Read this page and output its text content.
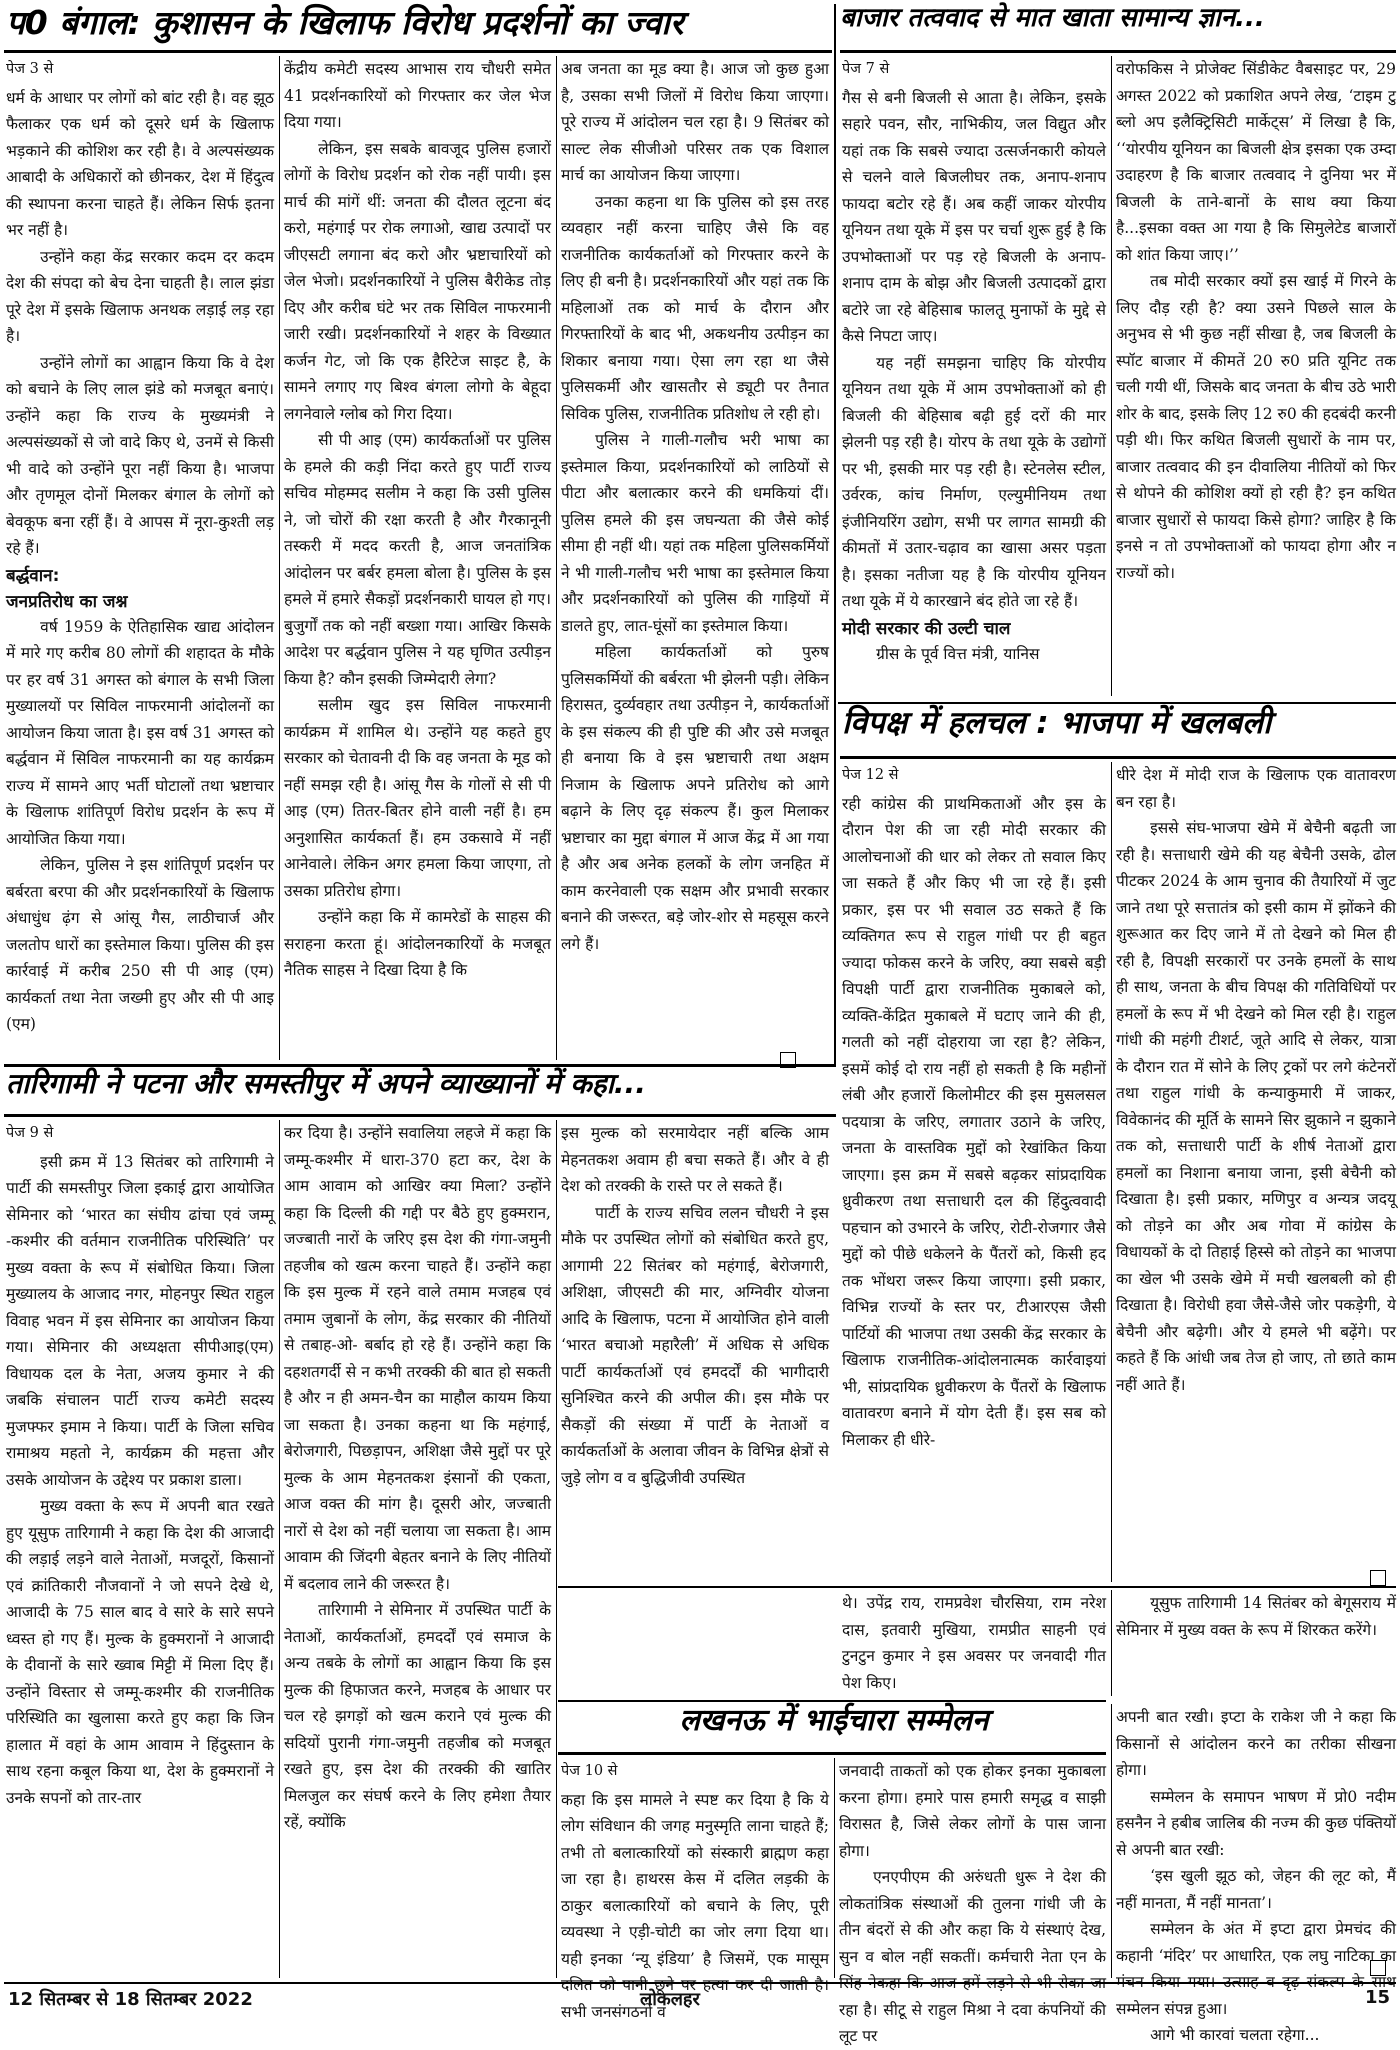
प0 बंगाल: कुशासन के खिलाफ विरोध प्रदर्शनों का ज्वार
पेज 3 से

धर्म के आधार पर लोगों को बांट रही है। वह झूठ फैलाकर एक धर्म को दूसरे धर्म के खिलाफ भड़काने की कोशिश कर रही है। वे अल्पसंख्यक आबादी के अधिकारों को छीनकर, देश में हिंदुत्व की स्थापना करना चाहते हैं। लेकिन सिर्फ इतना भर नहीं है।

उन्होंने कहा केंद्र सरकार कदम दर कदम देश की संपदा को बेच देना चाहती है। लाल झंडा पूरे देश में इसके खिलाफ अनथक लड़ाई लड़ रहा है।

उन्होंने लोगों का आह्वान किया कि वे देश को बचाने के लिए लाल झंडे को मजबूत बनाएं। उन्होंने कहा कि राज्य के मुख्यमंत्री ने अल्पसंख्यकों से जो वादे किए थे, उनमें से किसी भी वादे को उन्होंने पूरा नहीं किया है। भाजपा और तृणमूल दोनों मिलकर बंगाल के लोगों को बेवकूफ बना रहीं हैं। वे आपस में नूरा-कुश्ती लड़ रहे हैं।

बर्द्धवान:
जनप्रतिरोध का जश्न

वर्ष 1959 के ऐतिहासिक खाद्य आंदोलन में मारे गए करीब 80 लोगों की शहादत के मौके पर हर वर्ष 31 अगस्त को बंगाल के सभी जिला मुख्यालयों पर सिविल नाफरमानी आंदोलनों का आयोजन किया जाता है। इस वर्ष 31 अगस्त को बर्द्धवान में सिविल नाफरमानी का यह कार्यक्रम राज्य में सामने आए भर्ती घोटालों तथा भ्रष्टाचार के खिलाफ शांतिपूर्ण विरोध प्रदर्शन के रूप में आयोजित किया गया।

लेकिन, पुलिस ने इस शांतिपूर्ण प्रदर्शन पर बर्बरता बरपा की और प्रदर्शनकारियों के खिलाफ अंधाधुंध ढ़ंग से आंसू गैस, लाठीचार्ज और जलतोप धारों का इस्तेमाल किया। पुलिस की इस कार्रवाई में करीब 250 सी पी आइ (एम) कार्यकर्ता तथा नेता जख्मी हुए और सी पी आइ (एम)

केंद्रीय कमेटी सदस्य आभास राय चौधरी समेत 41 प्रदर्शनकारियों को गिरफ्तार कर जेल भेज दिया गया।

लेकिन, इस सबके बावजूद पुलिस हजारों लोगों के विरोध प्रदर्शन को रोक नहीं पायी। इस मार्च की मांगें थीं: जनता की दौलत लूटना बंद करो, महंगाई पर रोक लगाओ, खाद्य उत्पादों पर जीएसटी लगाना बंद करो और भ्रष्टाचारियों को जेल भेजो। प्रदर्शनकारियों ने पुलिस बैरीकेड तोड़ दिए और करीब घंटे भर तक सिविल नाफरमानी जारी रखी। प्रदर्शनकारियों ने शहर के विख्यात कर्जन गेट, जो कि एक हैरिटेज साइट है, के सामने लगाए गए बिश्व बंगला लोगो के बेहूदा लगनेवाले ग्लोब को गिरा दिया।

सी पी आइ (एम) कार्यकर्ताओं पर पुलिस के हमले की कड़ी निंदा करते हुए पार्टी राज्य सचिव मोहम्मद सलीम ने कहा कि उसी पुलिस ने, जो चोरों की रक्षा करती है और गैरकानूनी तस्करी में मदद करती है, आज जनतांत्रिक आंदोलन पर बर्बर हमला बोला है। पुलिस के इस हमले में हमारे सैकड़ों प्रदर्शनकारी घायल हो गए। बुजुर्गों तक को नहीं बख्शा गया। आखिर किसके आदेश पर बर्द्धवान पुलिस ने यह घृणित उत्पीड़न किया है? कौन इसकी जिम्मेदारी लेगा?

सलीम खुद इस सिविल नाफरमानी कार्यक्रम में शामिल थे। उन्होंने यह कहते हुए सरकार को चेतावनी दी कि वह जनता के मूड को नहीं समझ रही है। आंसू गैस के गोलों से सी पी आइ (एम) तितर-बितर होने वाली नहीं है। हम अनुशासित कार्यकर्ता हैं। हम उकसावे में नहीं आनेवाले। लेकिन अगर हमला किया जाएगा, तो उसका प्रतिरोध होगा।

उन्होंने कहा कि में कामरेडों के साहस की सराहना करता हूं। आंदोलनकारियों के मजबूत नैतिक साहस ने दिखा दिया है कि

अब जनता का मूड क्या है। आज जो कुछ हुआ है, उसका सभी जिलों में विरोध किया जाएगा। पूरे राज्य में आंदोलन चल रहा है। 9 सितंबर को साल्ट लेक सीजीओ परिसर तक एक विशाल मार्च का आयोजन किया जाएगा।

उनका कहना था कि पुलिस को इस तरह व्यवहार नहीं करना चाहिए जैसे कि वह राजनीतिक कार्यकर्ताओं को गिरफ्तार करने के लिए ही बनी है। प्रदर्शनकारियों और यहां तक कि महिलाओं तक को मार्च के दौरान और गिरफ्तारियों के बाद भी, अकथनीय उत्पीड़न का शिकार बनाया गया। ऐसा लग रहा था जैसे पुलिसकर्मी और खासतौर से ड्यूटी पर तैनात सिविक पुलिस, राजनीतिक प्रतिशोध ले रही हो।

पुलिस ने गाली-गलौच भरी भाषा का इस्तेमाल किया, प्रदर्शनकारियों को लाठियों से पीटा और बलात्कार करने की धमकियां दीं। पुलिस हमले की इस जघन्यता की जैसे कोई सीमा ही नहीं थी। यहां तक महिला पुलिसकर्मियों ने भी गाली-गलौच भरी भाषा का इस्तेमाल किया और प्रदर्शनकारियों को पुलिस की गाड़ियों में डालते हुए, लात-घूंसों का इस्तेमाल किया।

महिला कार्यकर्ताओं को पुरुष पुलिसकर्मियों की बर्बरता भी झेलनी पड़ी। लेकिन हिरासत, दुर्व्यवहार तथा उत्पीड़न ने, कार्यकर्ताओं के इस संकल्प की ही पुष्टि की और उसे मजबूत ही बनाया कि वे इस भ्रष्टाचारी तथा अक्षम निजाम के खिलाफ अपने प्रतिरोध को आगे बढ़ाने के लिए दृढ़ संकल्प हैं। कुल मिलाकर भ्रष्टाचार का मुद्दा बंगाल में आज केंद्र में आ गया है और अब अनेक हलकों के लोग जनहित में काम करनेवाली एक सक्षम और प्रभावी सरकार बनाने की जरूरत, बड़े जोर-शोर से महसूस करने लगे हैं।

बाजार तत्ववाद से मात खाता सामान्य ज्ञान...
पेज 7 से

गैस से बनी बिजली से आता है। लेकिन, इसके सहारे पवन, सौर, नाभिकीय, जल विद्युत और यहां तक कि सबसे ज्यादा उत्सर्जनकारी कोयले से चलने वाले बिजलीघर तक, अनाप-शनाप फायदा बटोर रहे हैं। अब कहीं जाकर योरपीय यूनियन तथा यूके में इस पर चर्चा शुरू हुई है कि उपभोक्ताओं पर पड़ रहे बिजली के अनाप-शनाप दाम के बोझ और बिजली उत्पादकों द्वारा बटोरे जा रहे बेहिसाब फालतू मुनाफों के मुद्दे से कैसे निपटा जाए।

यह नहीं समझना चाहिए कि योरपीय यूनियन तथा यूके में आम उपभोक्ताओं को ही बिजली की बेहिसाब बढ़ी हुई दरों की मार झेलनी पड़ रही है। योरप के तथा यूके के उद्योगों पर भी, इसकी मार पड़ रही है। स्टेनलेस स्टील, उर्वरक, कांच निर्माण, एल्युमीनियम तथा इंजीनियरिंग उद्योग, सभी पर लागत सामग्री की कीमतों में उतार-चढ़ाव का खासा असर पड़ता है। इसका नतीजा यह है कि योरपीय यूनियन तथा यूके में ये कारखाने बंद होते जा रहे हैं।

मोदी सरकार की उल्टी चाल

ग्रीस के पूर्व वित्त मंत्री, यानिस

वरोफकिस ने प्रोजेक्ट सिंडीकेट वैबसाइट पर, 29 अगस्त 2022 को प्रकाशित अपने लेख, ‘टाइम टु ब्लो अप इलैक्ट्रिसिटी मार्केट्स’ में लिखा है कि, ‘‘योरपीय यूनियन का बिजली क्षेत्र इसका एक उम्दा उदाहरण है कि बाजार तत्ववाद ने दुनिया भर में बिजली के ताने-बानों के साथ क्या किया है...इसका वक्त आ गया है कि सिमुलेटेड बाजारों को शांत किया जाए।’’

तब मोदी सरकार क्यों इस खाई में गिरने के लिए दौड़ रही है? क्या उसने पिछले साल के अनुभव से भी कुछ नहीं सीखा है, जब बिजली के स्पॉट बाजार में कीमतें 20 रु0 प्रति यूनिट तक चली गयी थीं, जिसके बाद जनता के बीच उठे भारी शोर के बाद, इसके लिए 12 रु0 की हदबंदी करनी पड़ी थी। फिर कथित बिजली सुधारों के नाम पर, बाजार तत्ववाद की इन दीवालिया नीतियों को फिर से थोपने की कोशिश क्यों हो रही है? इन कथित बाजार सुधारों से फायदा किसे होगा? जाहिर है कि इनसे न तो उपभोक्ताओं को फायदा होगा और न राज्यों को।

विपक्ष में हलचल : भाजपा में खलबली
पेज 12 से

रही कांग्रेस की प्राथमिकताओं और इस के दौरान पेश की जा रही मोदी सरकार की आलोचनाओं की धार को लेकर तो सवाल किए जा सकते हैं और किए भी जा रहे हैं। इसी प्रकार, इस पर भी सवाल उठ सकते हैं कि व्यक्तिगत रूप से राहुल गांधी पर ही बहुत ज्यादा फोकस करने के जरिए, क्या सबसे बड़ी विपक्षी पार्टी द्वारा राजनीतिक मुकाबले को, व्यक्ति-केंद्रित मुकाबले में घटाए जाने की ही, गलती को नहीं दोहराया जा रहा है? लेकिन, इसमें कोई दो राय नहीं हो सकती है कि महीनों लंबी और हजारों किलोमीटर की इस मुसलसल पदयात्रा के जरिए, लगातार उठाने के जरिए, जनता के वास्तविक मुद्दों को रेखांकित किया जाएगा। इस क्रम में सबसे बढ़कर सांप्रदायिक ध्रुवीकरण तथा सत्ताधारी दल की हिंदुत्ववादी पहचान को उभारने के जरिए, रोटी-रोजगार जैसे मुद्दों को पीछे धकेलने के पैंतरों को, किसी हद तक भोंथरा जरूर किया जाएगा। इसी प्रकार, विभिन्न राज्यों के स्तर पर, टीआरएस जैसी पार्टियों की भाजपा तथा उसकी केंद्र सरकार के खिलाफ राजनीतिक-आंदोलनात्मक कार्रवाइयां भी, सांप्रदायिक ध्रुवीकरण के पैंतरों के खिलाफ वातावरण बनाने में योग देती हैं। इस सब को मिलाकर ही धीरे-

धीरे देश में मोदी राज के खिलाफ एक वातावरण बन रहा है।

इससे संघ-भाजपा खेमे में बेचैनी बढ़ती जा रही है। सत्ताधारी खेमे की यह बेचैनी उसके, ढोल पीटकर 2024 के आम चुनाव की तैयारियों में जुट जाने तथा पूरे सत्तातंत्र को इसी काम में झोंकने की शुरूआत कर दिए जाने में तो देखने को मिल ही रही है, विपक्षी सरकारों पर उनके हमलों के साथ ही साथ, जनता के बीच विपक्ष की गतिविधियों पर हमलों के रूप में भी देखने को मिल रही है। राहुल गांधी की महंगी टीशर्ट, जूते आदि से लेकर, यात्रा के दौरान रात में सोने के लिए ट्रकों पर लगे कंटेनरों तथा राहुल गांधी के कन्याकुमारी में जाकर, विवेकानंद की मूर्ति के सामने सिर झुकाने न झुकाने तक को, सत्ताधारी पार्टी के शीर्ष नेताओं द्वारा हमलों का निशाना बनाया जाना, इसी बेचैनी को दिखाता है। इसी प्रकार, मणिपुर व अन्यत्र जदयू को तोड़ने का और अब गोवा में कांग्रेस के विधायकों के दो तिहाई हिस्से को तोड़ने का भाजपा का खेल भी उसके खेमे में मची खलबली को ही दिखाता है। विरोधी हवा जैसे-जैसे जोर पकड़ेगी, ये बेचैनी और बढ़ेगी। और ये हमले भी बढ़ेंगे। पर कहते हैं कि आंधी जब तेज हो जाए, तो छाते काम नहीं आते हैं।

तारिगामी ने पटना और समस्तीपुर में अपने व्याख्यानों में कहा...
पेज 9 से

इसी क्रम में 13 सितंबर को तारिगामी ने पार्टी की समस्तीपुर जिला इकाई द्वारा आयोजित सेमिनार को ‘भारत का संघीय ढांचा एवं जम्मू -कश्मीर की वर्तमान राजनीतिक परिस्थिति’ पर मुख्य वक्ता के रूप में संबोधित किया। जिला मुख्यालय के आजाद नगर, मोहनपुर स्थित राहुल विवाह भवन में इस सेमिनार का आयोजन किया गया। सेमिनार की अध्यक्षता सीपीआइ(एम) विधायक दल के नेता, अजय कुमार ने की जबकि संचालन पार्टी राज्य कमेटी सदस्य मुजफ्फर इमाम ने किया। पार्टी के जिला सचिव रामाश्रय महतो ने, कार्यक्रम की महत्ता और उसके आयोजन के उद्देश्य पर प्रकाश डाला।

मुख्य वक्ता के रूप में अपनी बात रखते हुए यूसुफ तारिगामी ने कहा कि देश की आजादी की लड़ाई लड़ने वाले नेताओं, मजदूरों, किसानों एवं क्रांतिकारी नौजवानों ने जो सपने देखे थे, आजादी के 75 साल बाद वे सारे के सारे सपने ध्वस्त हो गए हैं। मुल्क के हुक्मरानों ने आजादी के दीवानों के सारे ख्वाब मिट्टी में मिला दिए हैं। उन्होंने विस्तार से जम्मू-कश्मीर की राजनीतिक परिस्थिति का खुलासा करते हुए कहा कि जिन हालात में वहां के आम आवाम ने हिंदुस्तान के साथ रहना कबूल किया था, देश के हुक्मरानों ने उनके सपनों को तार-तार

कर दिया है। उन्होंने सवालिया लहजे में कहा कि जम्मू-कश्मीर में धारा-370 हटा कर, देश के आम आवाम को आखिर क्या मिला? उन्होंने कहा कि दिल्ली की गद्दी पर बैठे हुए हुक्मरान, जज्बाती नारों के जरिए इस देश की गंगा-जमुनी तहजीब को खत्म करना चाहते हैं। उन्होंने कहा कि इस मुल्क में रहने वाले तमाम मजहब एवं तमाम जुबानों के लोग, केंद्र सरकार की नीतियों से तबाह-ओ- बर्बाद हो रहे हैं। उन्होंने कहा कि दहशतगर्दी से न कभी तरक्की की बात हो सकती है और न ही अमन-चैन का माहौल कायम किया जा सकता है। उनका कहना था कि महंगाई, बेरोजगारी, पिछड़ापन, अशिक्षा जैसे मुद्दों पर पूरे मुल्क के आम मेहनतकश इंसानों की एकता, आज वक्त की मांग है। दूसरी ओर, जज्बाती नारों से देश को नहीं चलाया जा सकता है। आम आवाम की जिंदगी बेहतर बनाने के लिए नीतियों में बदलाव लाने की जरूरत है।

तारिगामी ने सेमिनार में उपस्थित पार्टी के नेताओं, कार्यकर्ताओं, हमदर्दों एवं समाज के अन्य तबके के लोगों का आह्वान किया कि इस मुल्क की हिफाजत करने, मजहब के आधार पर चल रहे झगड़ों को खत्म कराने एवं मुल्क की सदियों पुरानी गंगा-जमुनी तहजीब को मजबूत रखते हुए, इस देश की तरक्की की खातिर मिलजुल कर संघर्ष करने के लिए हमेशा तैयार रहें, क्योंकि

इस मुल्क को सरमायेदार नहीं बल्कि आम मेहनतकश अवाम ही बचा सकते हैं। और वे ही देश को तरक्की के रास्ते पर ले सकते हैं।

पार्टी के राज्य सचिव ललन चौधरी ने इस मौके पर उपस्थित लोगों को संबोधित करते हुए, आगामी 22 सितंबर को महंगाई, बेरोजगारी, अशिक्षा, जीएसटी की मार, अग्निवीर योजना आदि के खिलाफ, पटना में आयोजित होने वाली ‘भारत बचाओ महारैली’ में अधिक से अधिक पार्टी कार्यकर्ताओं एवं हमदर्दों की भागीदारी सुनिश्चित करने की अपील की। इस मौके पर सैकड़ों की संख्या में पार्टी के नेताओं व कार्यकर्ताओं के अलावा जीवन के विभिन्न क्षेत्रों से जुड़े लोग व व बुद्धिजीवी उपस्थित

थे। उपेंद्र राय, रामप्रवेश चौरसिया, राम नरेश दास, इतवारी मुखिया, रामप्रीत साहनी एवं टुनटुन कुमार ने इस अवसर पर जनवादी गीत पेश किए।

यूसुफ तारिगामी 14 सितंबर को बेगूसराय में सेमिनार में मुख्य वक्त के रूप में शिरकत करेंगे।

लखनऊ में भाईचारा सम्मेलन
पेज 10 से

कहा कि इस मामले ने स्पष्ट कर दिया है कि ये लोग संविधान की जगह मनुस्मृति लाना चाहते हैं; तभी तो बलात्कारियों को संस्कारी ब्राह्मण कहा जा रहा है। हाथरस केस में दलित लड़की के ठाकुर बलात्कारियों को बचाने के लिए, पूरी व्यवस्था ने एड़ी-चोटी का जोर लगा दिया था। यही इनका ‘न्यू इंडिया’ है जिसमें, एक मासूम दलित को पानी छूने पर हत्या कर दी जाती है। सभी जनसंगठनों व

जनवादी ताकतों को एक होकर इनका मुकाबला करना होगा। हमारे पास हमारी समृद्ध व साझी विरासत है, जिसे लेकर लोगों के पास जाना होगा।

एनएपीएम की अरुंधती धुरू ने देश की लोकतांत्रिक संस्थाओं की तुलना गांधी जी के तीन बंदरों से की और कहा कि ये संस्थाएं देख, सुन व बोल नहीं सकतीं। कर्मचारी नेता एन के सिंह नेकहा कि आज हमें लड़ने से भी रोका जा रहा है। सीटू से राहुल मिश्रा ने दवा कंपनियों की लूट पर

अपनी बात रखी। इप्टा के राकेश जी ने कहा कि किसानों से आंदोलन करने का तरीका सीखना होगा।

सम्मेलन के समापन भाषण में प्रो0 नदीम हसनैन ने हबीब जालिब की नज्म की कुछ पंक्तियों से अपनी बात रखी:

‘इस खुली झूठ को, जेहन की लूट को, मैं नहीं मानता, मैं नहीं मानता’।

सम्मेलन के अंत में इप्टा द्वारा प्रेमचंद की कहानी ‘मंदिर’ पर आधारित, एक लघु नाटिका का मंचन किया गया। उत्साह व दृढ़ संकल्प के साथ सम्मेलन संपन्न हुआ।

आगे भी कारवां चलता रहेगा...

12 सितम्बर से 18 सितम्बर 2022	लोकलहर	15
